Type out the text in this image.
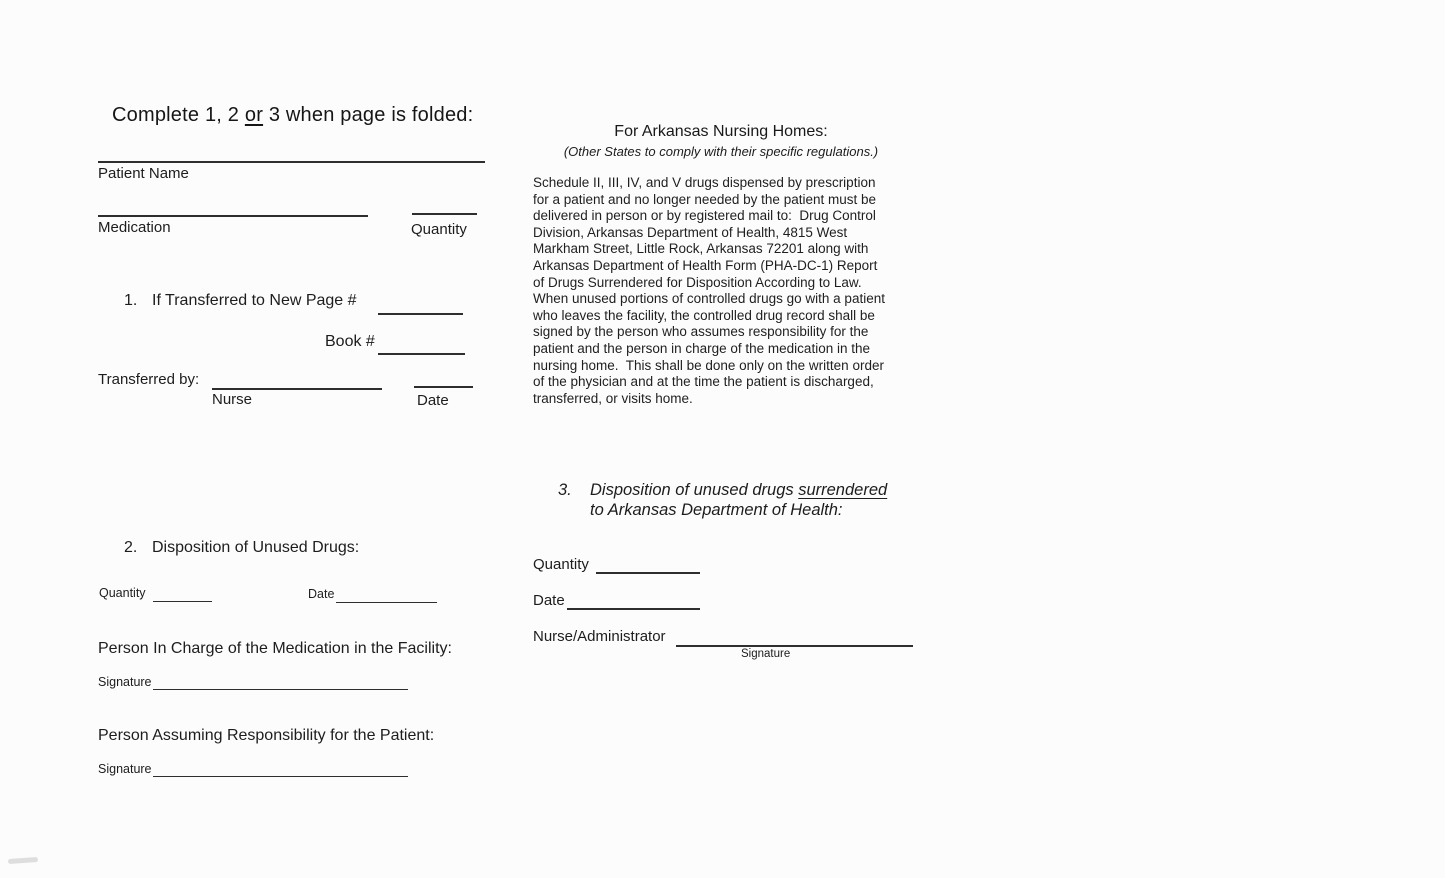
Complete 1, 2 or 3 when page is folded:
Patient Name
Medication	Quantity
1. If Transferred to New Page #
Book #
Transferred by:
Nurse	Date
2. Disposition of Unused Drugs:
Quantity	Date
Person In Charge of the Medication in the Facility:
Signature
Person Assuming Responsibility for the Patient:
Signature
For Arkansas Nursing Homes:
(Other States to comply with their specific regulations.)
Schedule II, III, IV, and V drugs dispensed by prescription
for a patient and no longer needed by the patient must be
delivered in person or by registered mail to:  Drug Control
Division, Arkansas Department of Health, 4815 West
Markham Street, Little Rock, Arkansas 72201 along with
Arkansas Department of Health Form (PHA-DC-1) Report
of Drugs Surrendered for Disposition According to Law.
When unused portions of controlled drugs go with a patient
who leaves the facility, the controlled drug record shall be
signed by the person who assumes responsibility for the
patient and the person in charge of the medication in the
nursing home.  This shall be done only on the written order
of the physician and at the time the patient is discharged,
transferred, or visits home.
3. Disposition of unused drugs surrendered
to Arkansas Department of Health:
Quantity
Date
Nurse/Administrator
Signature
